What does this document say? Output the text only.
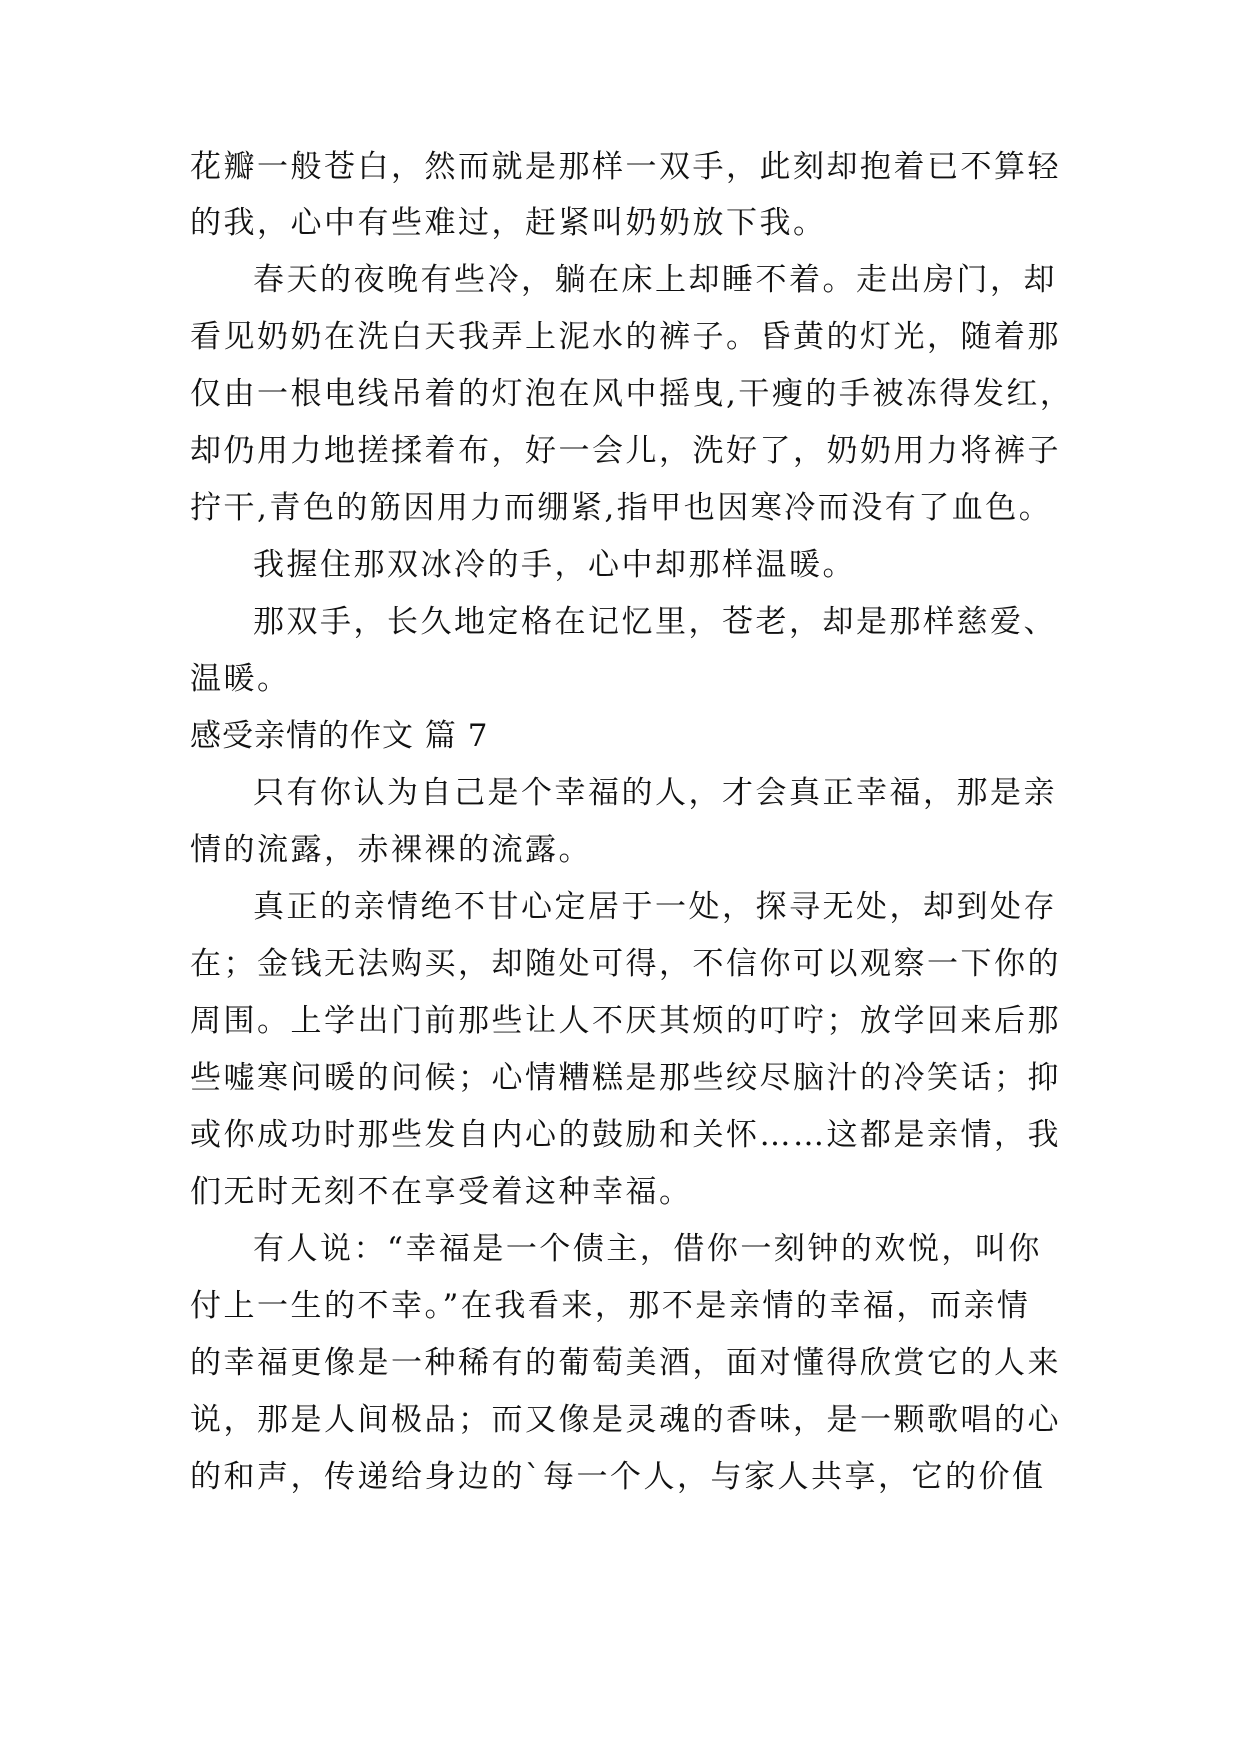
花瓣一般苍白，然而就是那样一双手，此刻却抱着已不算轻
的我，心中有些难过，赶紧叫奶奶放下我。
春天的夜晚有些冷，躺在床上却睡不着。走出房门，却
看见奶奶在洗白天我弄上泥水的裤子。昏黄的灯光，随着那
仅由一根电线吊着的灯泡在风中摇曳,干瘦的手被冻得发红，
却仍用力地搓揉着布，好一会儿，洗好了，奶奶用力将裤子
拧干,青色的筋因用力而绷紧,指甲也因寒冷而没有了血色。
我握住那双冰冷的手，心中却那样温暖。
那双手，长久地定格在记忆里，苍老，却是那样慈爱、
温暖。
感受亲情的作文 篇 7
只有你认为自己是个幸福的人，才会真正幸福，那是亲
情的流露，赤裸裸的流露。
真正的亲情绝不甘心定居于一处，探寻无处，却到处存
在；金钱无法购买，却随处可得，不信你可以观察一下你的
周围。上学出门前那些让人不厌其烦的叮咛；放学回来后那
些嘘寒问暖的问候；心情糟糕是那些绞尽脑汁的冷笑话；抑
或你成功时那些发自内心的鼓励和关怀……这都是亲情，我
们无时无刻不在享受着这种幸福。
有人说：“幸福是一个债主，借你一刻钟的欢悦，叫你
付上一生的不幸。”在我看来，那不是亲情的幸福，而亲情
的幸福更像是一种稀有的葡萄美酒，面对懂得欣赏它的人来
说，那是人间极品；而又像是灵魂的香味，是一颗歌唱的心
的和声，传递给身边的`每一个人，与家人共享，它的价值
